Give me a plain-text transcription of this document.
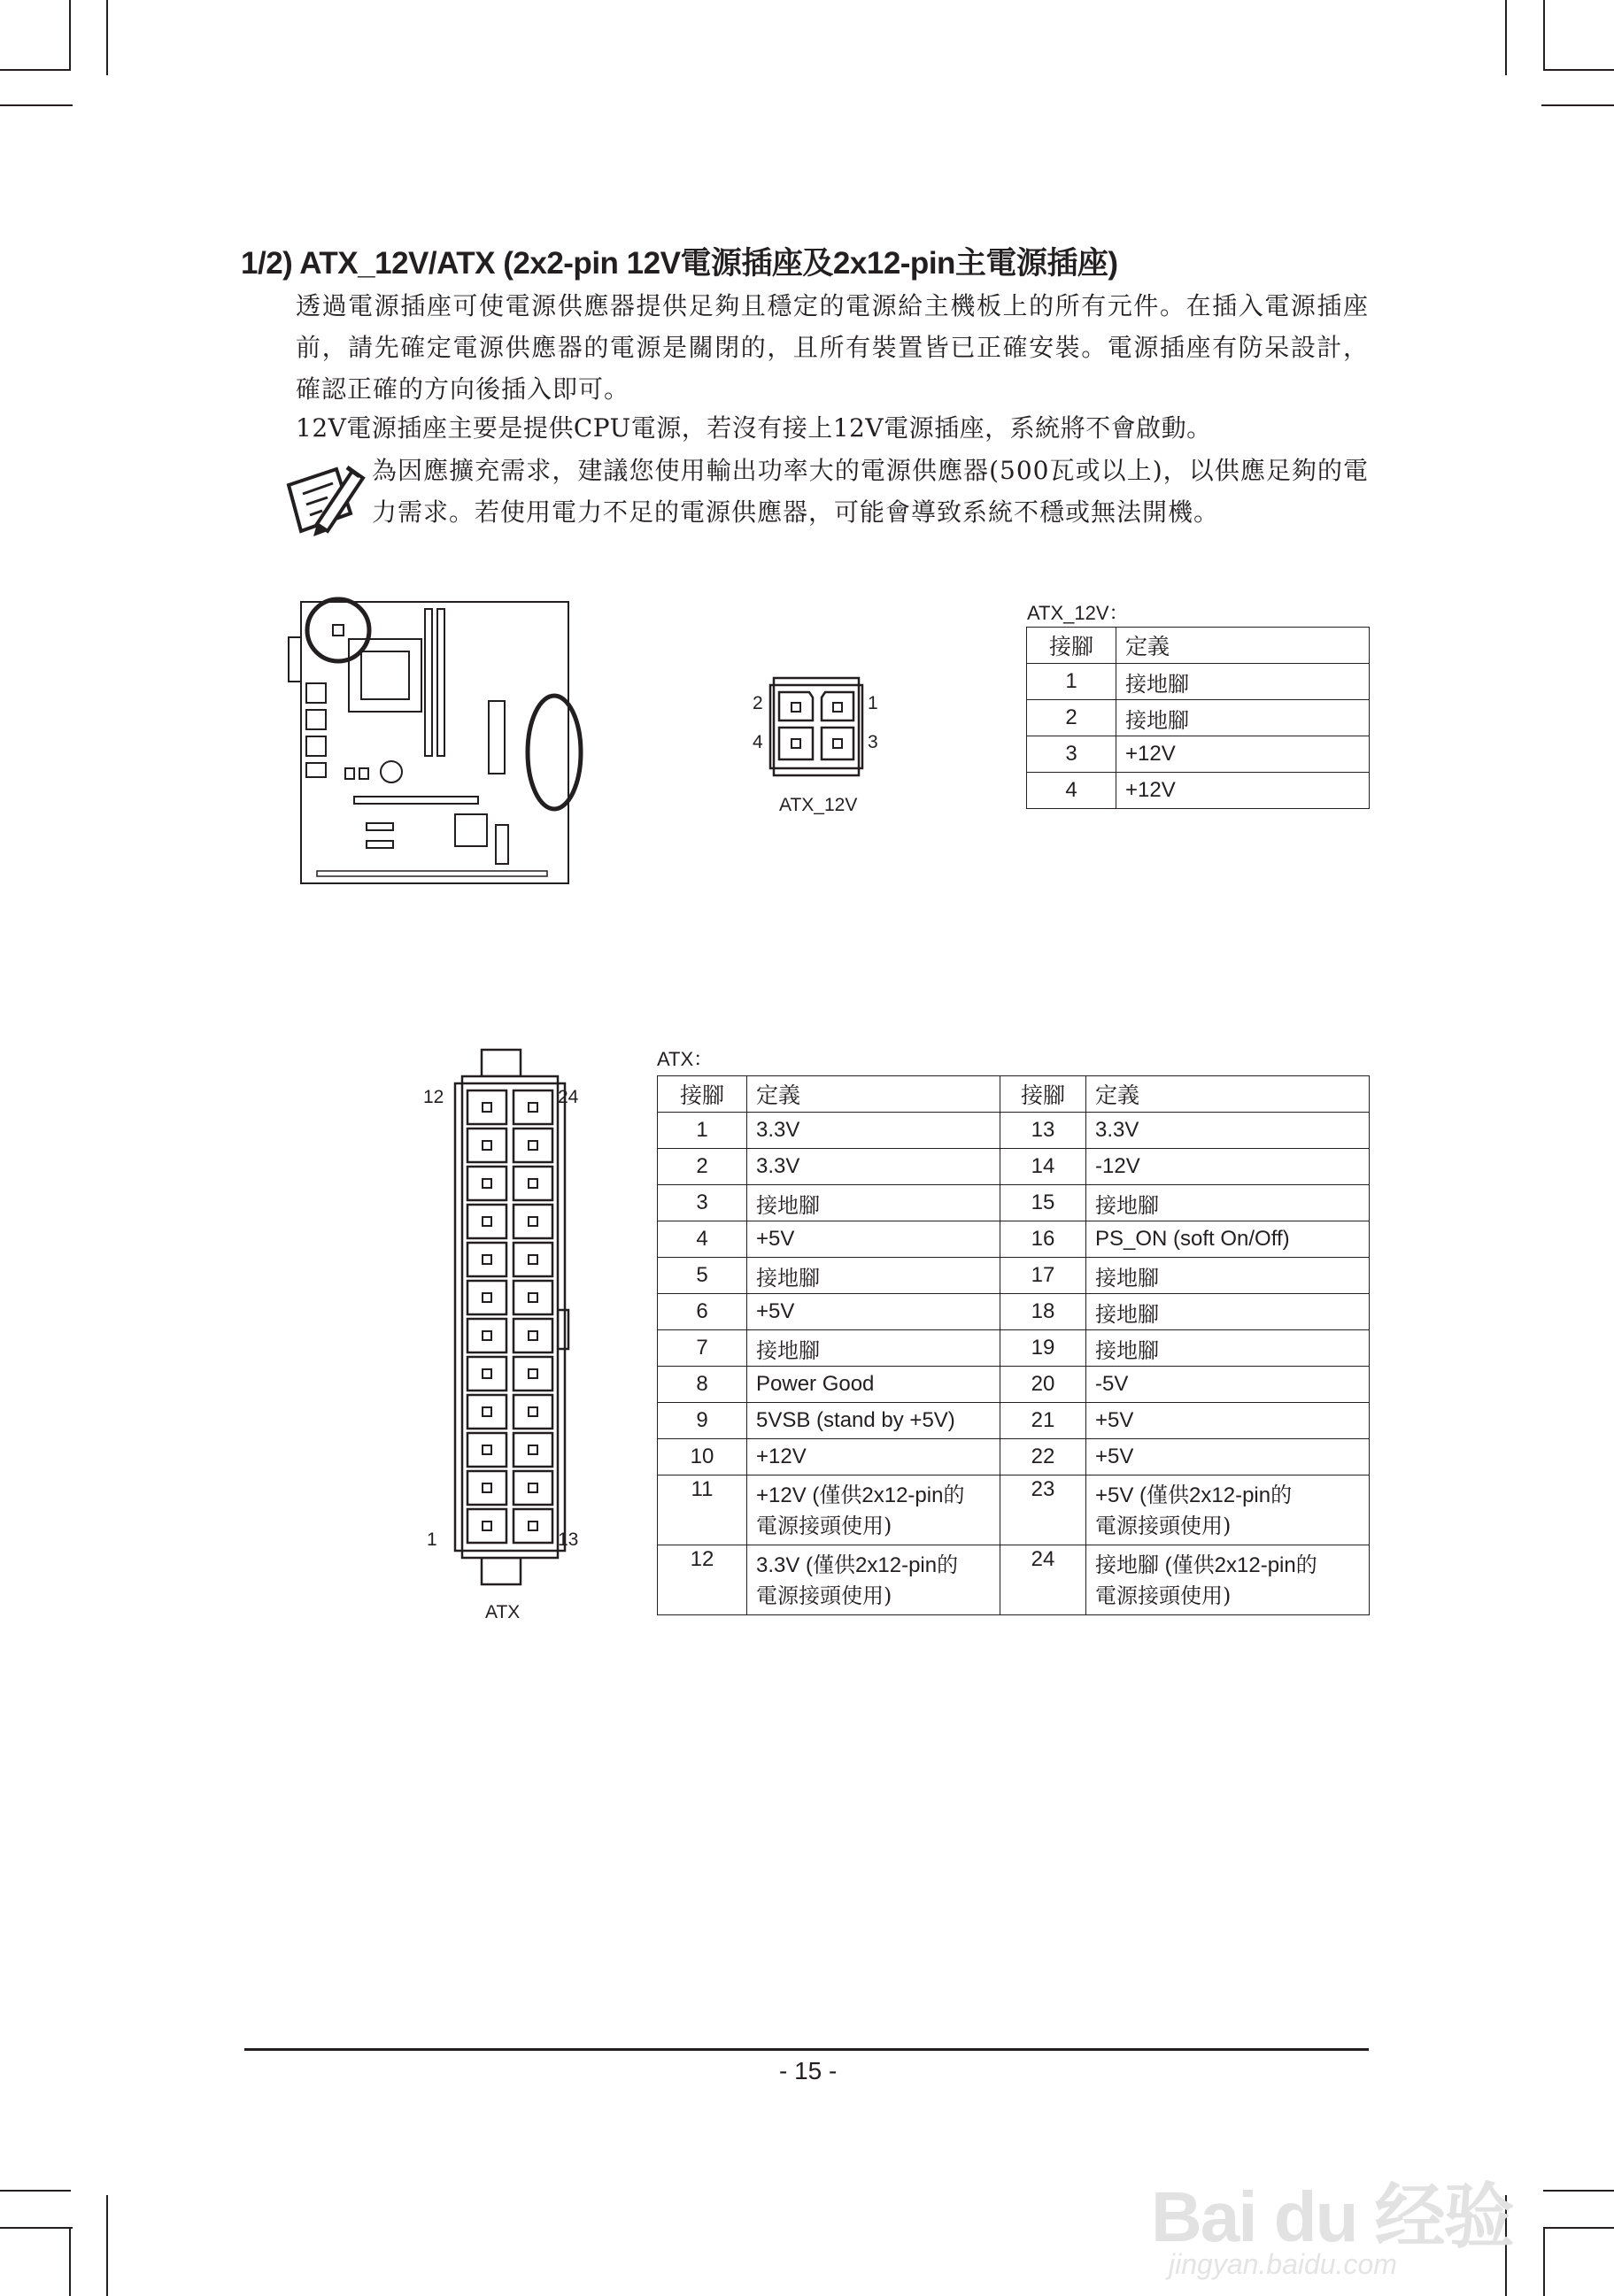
1/2) ATX_12V/ATX (2x2-pin 12V電源插座及2x12-pin主電源插座)
透過電源插座可使電源供應器提供足夠且穩定的電源給主機板上的所有元件。在插入電源插座前，請先確定電源供應器的電源是關閉的，且所有裝置皆已正確安裝。電源插座有防呆設計，確認正確的方向後插入即可。
12V電源插座主要是提供CPU電源，若沒有接上12V電源插座，系統將不會啟動。
為因應擴充需求，建議您使用輸出功率大的電源供應器(500瓦或以上)，以供應足夠的電力需求。若使用電力不足的電源供應器，可能會導致系統不穩或無法開機。
2	1
4	3
ATX_12V
ATX_12V：
接腳	定義
1	接地腳
2	接地腳
3	+12V
4	+12V
12	24
1	13
ATX
ATX：
接腳	定義	接腳	定義
1	3.3V	13	3.3V
2	3.3V	14	-12V
3	接地腳	15	接地腳
4	+5V	16	PS_ON (soft On/Off)
5	接地腳	17	接地腳
6	+5V	18	接地腳
7	接地腳	19	接地腳
8	Power Good	20	-5V
9	5VSB (stand by +5V)	21	+5V
10	+12V	22	+5V
11	+12V (僅供2x12-pin的
電源接頭使用)	23	+5V (僅供2x12-pin的
電源接頭使用)

12	3.3V (僅供2x12-pin的
電源接頭使用)	24	接地腳 (僅供2x12-pin的
電源接頭使用)
- 15 -
Bai du 经验
jingyan.baidu.com
